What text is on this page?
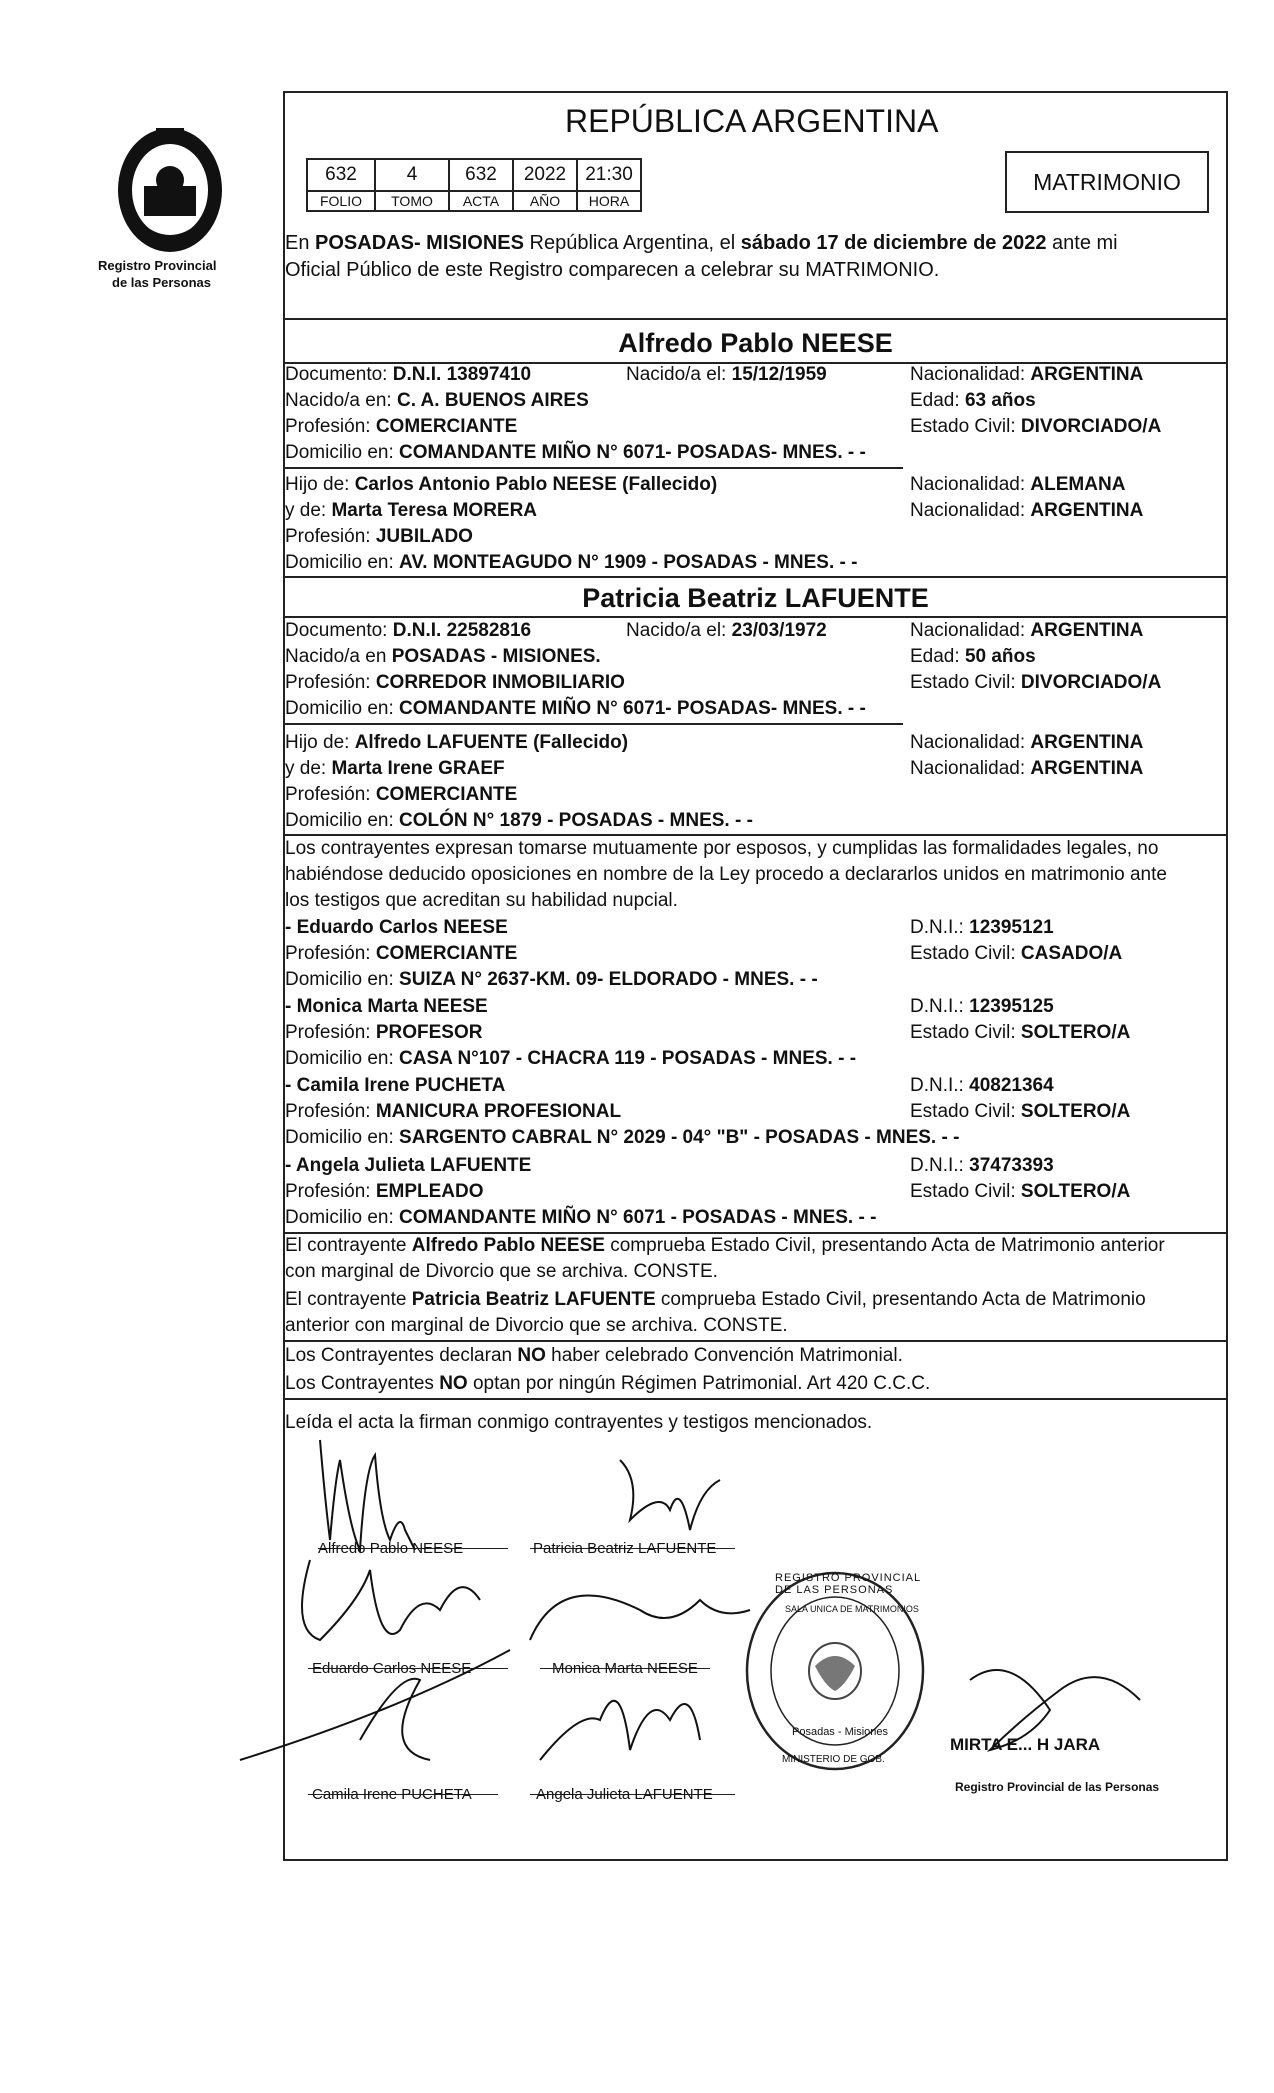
Registro Provincial
de las Personas
REPÚBLICA ARGENTINA
632	4	632	2022	21:30
FOLIO	TOMO	ACTA	AÑO	HORA
MATRIMONIO
En POSADAS- MISIONES República Argentina, el sábado 17 de diciembre de 2022 ante mi
Oficial Público de este Registro comparecen a celebrar su MATRIMONIO.
Alfredo Pablo NEESE
Documento: D.N.I. 13897410	Nacido/a el: 15/12/1959	Nacionalidad: ARGENTINA
Nacido/a en: C. A. BUENOS AIRES	Edad: 63 años
Profesión: COMERCIANTE	Estado Civil: DIVORCIADO/A
Domicilio en: COMANDANTE MIÑO N° 6071- POSADAS- MNES. - -
Hijo de: Carlos Antonio Pablo NEESE (Fallecido)	Nacionalidad: ALEMANA
y de: Marta Teresa MORERA	Nacionalidad: ARGENTINA
Profesión: JUBILADO
Domicilio en: AV. MONTEAGUDO N° 1909 - POSADAS - MNES. - -
Patricia Beatriz LAFUENTE
Documento: D.N.I. 22582816	Nacido/a el: 23/03/1972	Nacionalidad: ARGENTINA
Nacido/a en POSADAS - MISIONES.	Edad: 50 años
Profesión: CORREDOR INMOBILIARIO	Estado Civil: DIVORCIADO/A
Domicilio en: COMANDANTE MIÑO N° 6071- POSADAS- MNES. - -
Hijo de: Alfredo LAFUENTE (Fallecido)	Nacionalidad: ARGENTINA
y de: Marta Irene GRAEF	Nacionalidad: ARGENTINA
Profesión: COMERCIANTE
Domicilio en: COLÓN N° 1879 - POSADAS - MNES. - -
Los contrayentes expresan tomarse mutuamente por esposos, y cumplidas las formalidades legales, no
habiéndose deducido oposiciones en nombre de la Ley procedo a declararlos unidos en matrimonio ante
los testigos que acreditan su habilidad nupcial.
- Eduardo Carlos NEESE	D.N.I.: 12395121
Profesión: COMERCIANTE	Estado Civil: CASADO/A
Domicilio en: SUIZA N° 2637-KM. 09- ELDORADO - MNES. - -
- Monica Marta NEESE	D.N.I.: 12395125
Profesión: PROFESOR	Estado Civil: SOLTERO/A
Domicilio en: CASA N°107 - CHACRA 119 - POSADAS - MNES. - -
- Camila Irene PUCHETA	D.N.I.: 40821364
Profesión: MANICURA PROFESIONAL	Estado Civil: SOLTERO/A
Domicilio en: SARGENTO CABRAL N° 2029 - 04° "B" - POSADAS - MNES. - -
- Angela Julieta LAFUENTE	D.N.I.: 37473393
Profesión: EMPLEADO	Estado Civil: SOLTERO/A
Domicilio en: COMANDANTE MIÑO N° 6071 - POSADAS - MNES. - -
El contrayente Alfredo Pablo NEESE comprueba Estado Civil, presentando Acta de Matrimonio anterior
con marginal de Divorcio que se archiva. CONSTE.
El contrayente Patricia Beatriz LAFUENTE comprueba Estado Civil, presentando Acta de Matrimonio
anterior con marginal de Divorcio que se archiva. CONSTE.
Los Contrayentes declaran NO haber celebrado Convención Matrimonial.
Los Contrayentes NO optan por ningún Régimen Patrimonial. Art 420 C.C.C.
Leída el acta la firman conmigo contrayentes y testigos mencionados.
Alfredo Pablo NEESE	Patricia Beatriz LAFUENTE
Eduardo Carlos NEESE	Monica Marta NEESE
Camila Irene PUCHETA	Angela Julieta LAFUENTE
REGISTRO PROVINCIAL DE LAS PERSONAS
SALA UNICA DE MATRIMONIOS
Posadas - Misiones
MINISTERIO DE GOB.
MIRTA E... H JARA
Registro Provincial de las Personas
